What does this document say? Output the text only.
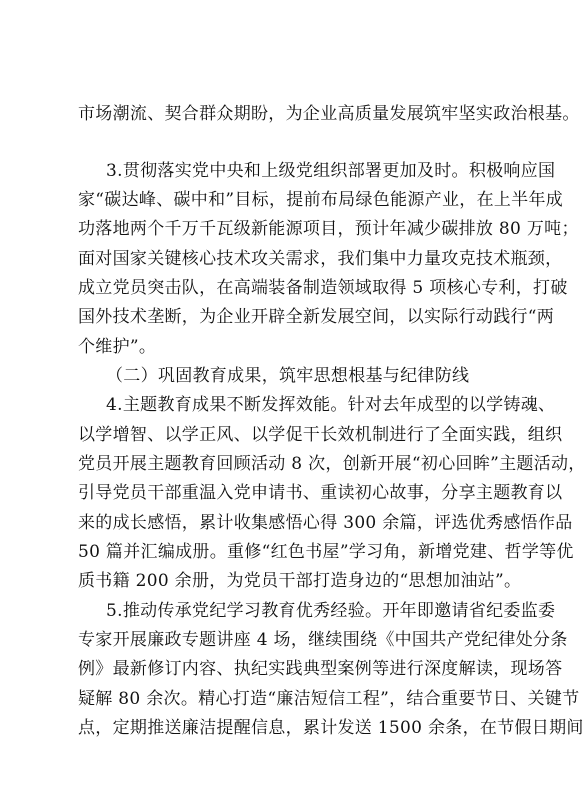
市场潮流、契合群众期盼，为企业高质量发展筑牢坚实政治根基。
3.贯彻落实党中央和上级党组织部署更加及时。积极响应国
家“碳达峰、碳中和”目标，提前布局绿色能源产业，在上半年成
功落地两个千万千瓦级新能源项目，预计年减少碳排放 80 万吨；
面对国家关键核心技术攻关需求，我们集中力量攻克技术瓶颈，
成立党员突击队，在高端装备制造领域取得 5 项核心专利，打破
国外技术垄断，为企业开辟全新发展空间，以实际行动践行“两
个维护”。
（二）巩固教育成果，筑牢思想根基与纪律防线
4.主题教育成果不断发挥效能。针对去年成型的以学铸魂、
以学增智、以学正风、以学促干长效机制进行了全面实践，组织
党员开展主题教育回顾活动 8 次，创新开展“初心回眸”主题活动，
引导党员干部重温入党申请书、重读初心故事，分享主题教育以
来的成长感悟，累计收集感悟心得 300 余篇，评选优秀感悟作品
50 篇并汇编成册。重修“红色书屋”学习角，新增党建、哲学等优
质书籍 200 余册，为党员干部打造身边的“思想加油站”。
5.推动传承党纪学习教育优秀经验。开年即邀请省纪委监委
专家开展廉政专题讲座 4 场，继续围绕《中国共产党纪律处分条
例》最新修订内容、执纪实践典型案例等进行深度解读，现场答
疑解 80 余次。精心打造“廉洁短信工程”，结合重要节日、关键节
点，定期推送廉洁提醒信息，累计发送 1500 余条，在节假日期间
